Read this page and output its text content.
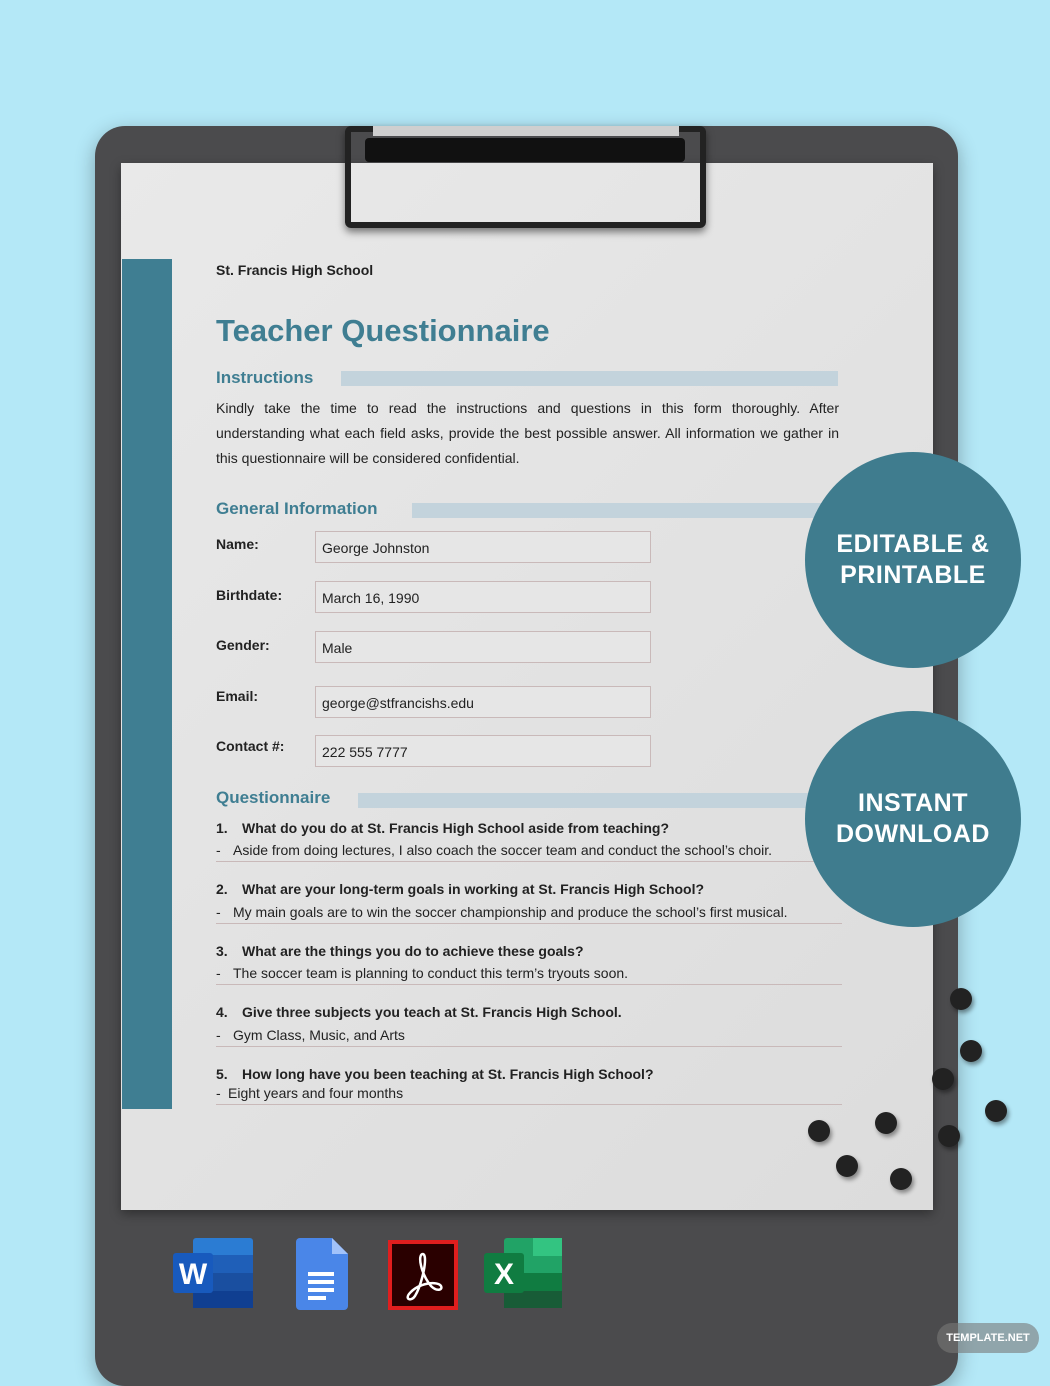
St. Francis High School
Teacher Questionnaire
Instructions
Kindly take the time to read the instructions and questions in this form thoroughly. After understanding what each field asks, provide the best possible answer. All information we gather in this questionnaire will be considered confidential.
General Information
Name:	George Johnston
Birthdate:	March 16, 1990
Gender:	Male
Email:	george@stfrancishs.edu
Contact #:	222 555 7777
Questionnaire
1. What do you do at St. Francis High School aside from teaching?
- Aside from doing lectures, I also coach the soccer team and conduct the school’s choir.
2. What are your long-term goals in working at St. Francis High School?
- My main goals are to win the soccer championship and produce the school’s first musical.
3. What are the things you do to achieve these goals?
- The soccer team is planning to conduct this term’s tryouts soon.
4. Give three subjects you teach at St. Francis High School.
- Gym Class, Music, and Arts
5. How long have you been teaching at St. Francis High School?
- Eight years and four months
EDITABLE & PRINTABLE
INSTANT DOWNLOAD
W	X
TEMPLATE.NET
